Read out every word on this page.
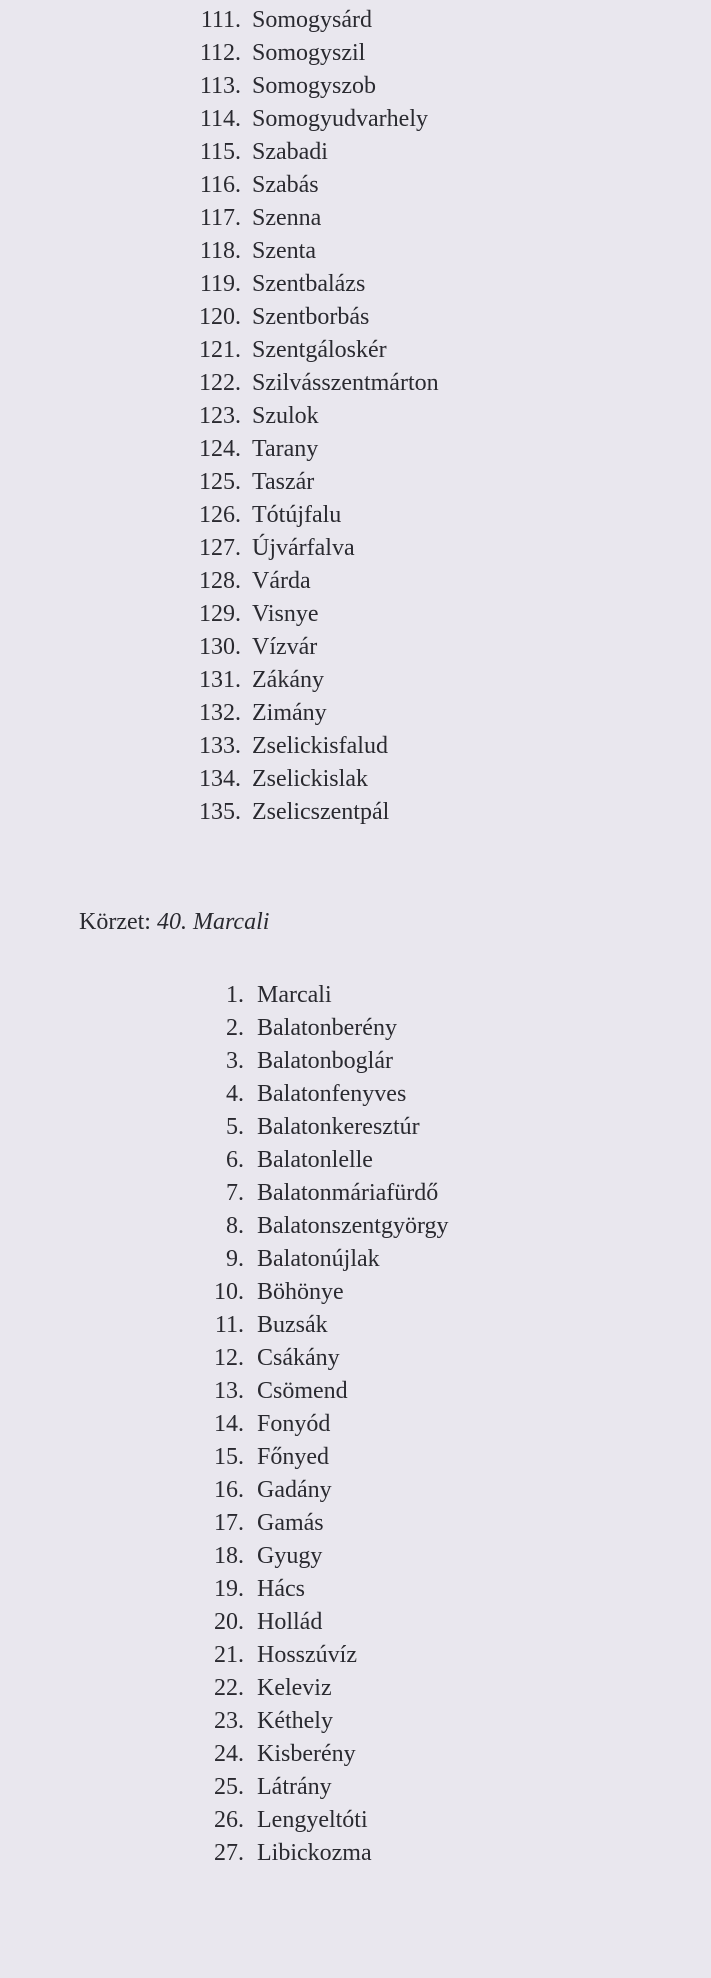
111. Somogysárd
112. Somogyszil
113. Somogyszob
114. Somogyudvarhely
115. Szabadi
116. Szabás
117. Szenna
118. Szenta
119. Szentbalázs
120. Szentborbás
121. Szentgáloskér
122. Szilvásszentmárton
123. Szulok
124. Tarany
125. Taszár
126. Tótújfalu
127. Újvárfalva
128. Várda
129. Visnye
130. Vízvár
131. Zákány
132. Zimány
133. Zselickisfalud
134. Zselickislak
135. Zselicszentpál
Körzet: 40. Marcali
1. Marcali
2. Balatonberény
3. Balatonboglár
4. Balatonfenyves
5. Balatonkeresztúr
6. Balatonlelle
7. Balatonmáriafürdő
8. Balatonszentgyörgy
9. Balatonújlak
10. Böhönye
11. Buzsák
12. Csákány
13. Csömend
14. Fonyód
15. Főnyed
16. Gadány
17. Gamás
18. Gyugy
19. Hács
20. Hollád
21. Hosszúvíz
22. Keleviz
23. Kéthely
24. Kisberény
25. Látrány
26. Lengyeltóti
27. Libickozma
